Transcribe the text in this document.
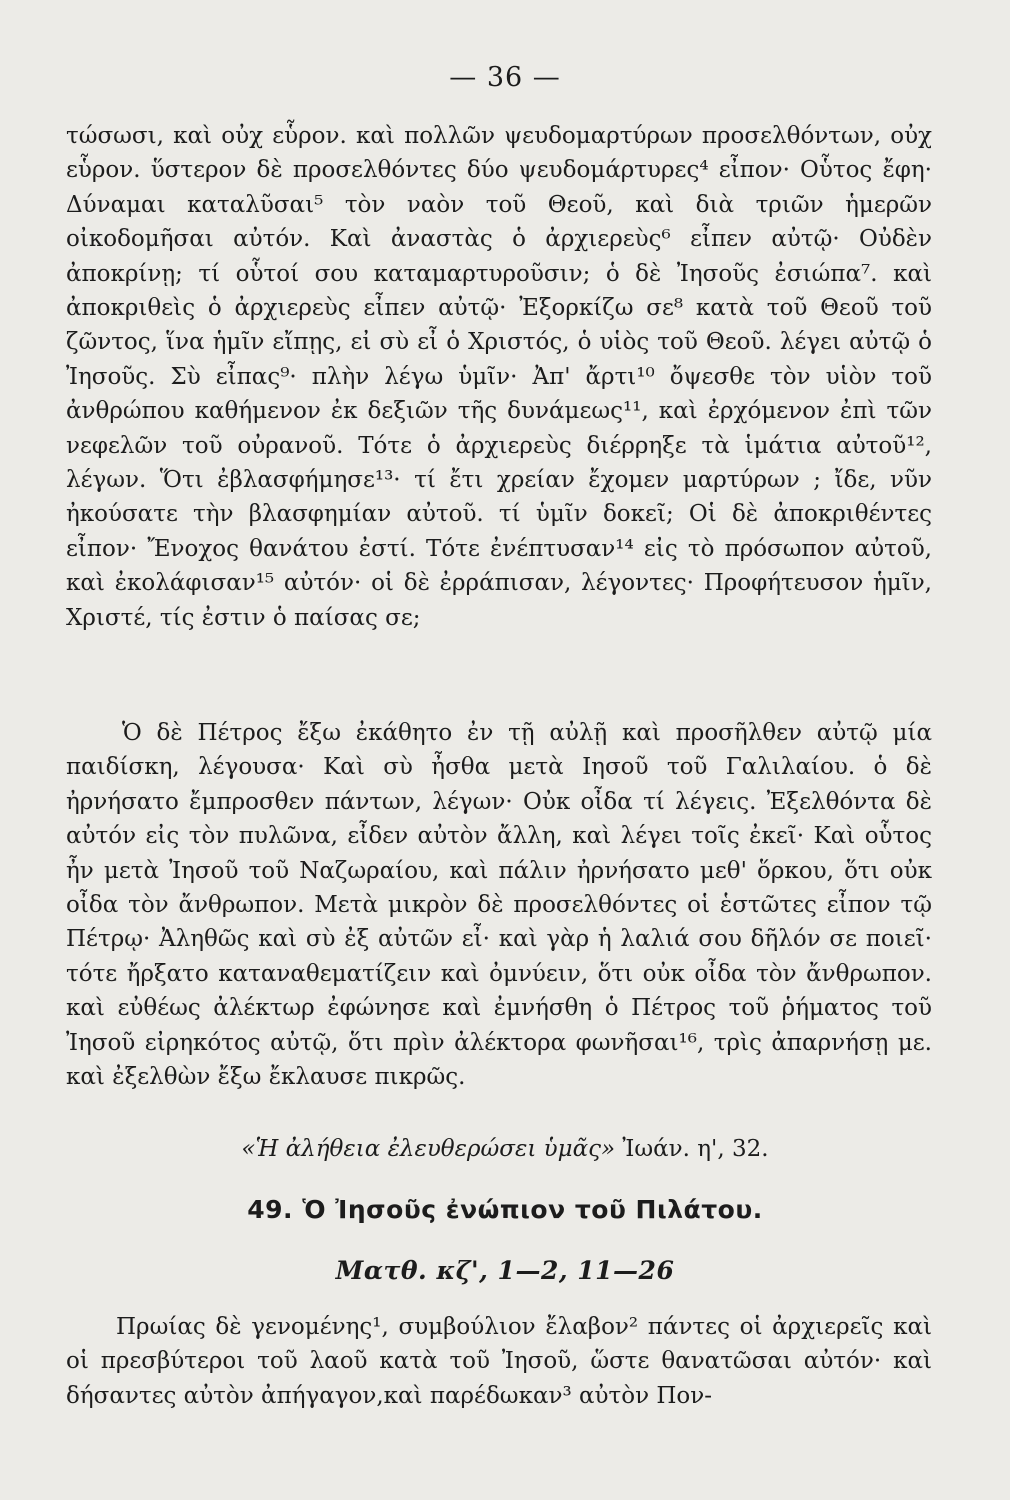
— 36 —

τώσωσι, καὶ οὐχ εὗρον. καὶ πολλῶν ψευδομαρτύρων προσελθόντων, οὐχ εὗρον. ὕστερον δὲ προσελθόντες δύο ψευδομάρτυρες⁴ εἶπον· Οὗτος ἔφη· Δύναμαι καταλῦσαι⁵ τὸν ναὸν τοῦ Θεοῦ, καὶ διὰ τριῶν ἡμερῶν οἰκοδομῆσαι αὐτόν. Καὶ ἀναστὰς ὁ ἀρχιερεὺς⁶ εἶπεν αὐτῷ· Οὐδὲν ἀποκρίνῃ; τί οὗτοί σου καταμαρτυροῦσιν; ὁ δὲ Ἰησοῦς ἐσιώπα⁷. καὶ ἀποκριθεὶς ὁ ἀρχιερεὺς εἶπεν αὐτῷ· Ἐξορκίζω σε⁸ κατὰ τοῦ Θεοῦ τοῦ ζῶντος, ἵνα ἡμῖν εἴπῃς, εἰ σὺ εἶ ὁ Χριστός, ὁ υἱὸς τοῦ Θεοῦ. λέγει αὐτῷ ὁ Ἰησοῦς. Σὺ εἶπας⁹· πλὴν λέγω ὑμῖν· Ἀπ' ἄρτι¹⁰ ὄψεσθε τὸν υἱὸν τοῦ ἀνθρώπου καθήμενον ἐκ δεξιῶν τῆς δυνάμεως¹¹, καὶ ἐρχόμενον ἐπὶ τῶν νεφελῶν τοῦ οὐρανοῦ. Τότε ὁ ἀρχιερεὺς διέρρηξε τὰ ἱμάτια αὐτοῦ¹², λέγων. Ὅτι ἐβλασφήμησε¹³· τί ἔτι χρείαν ἔχομεν μαρτύρων ; ἴδε, νῦν ἠκούσατε τὴν βλασφημίαν αὐτοῦ. τί ὑμῖν δοκεῖ; Οἱ δὲ ἀποκριθέντες εἶπον· Ἔνοχος θανάτου ἐστί. Τότε ἐνέπτυσαν¹⁴ εἰς τὸ πρόσωπον αὐτοῦ, καὶ ἐκολάφισαν¹⁵ αὐτόν· οἱ δὲ ἐρράπισαν, λέγοντες· Προφήτευσον ἡμῖν, Χριστέ, τίς ἐστιν ὁ παίσας σε;

Ὁ δὲ Πέτρος ἔξω ἐκάθητο ἐν τῇ αὐλῇ καὶ προσῆλθεν αὐτῷ μία παιδίσκη, λέγουσα· Καὶ σὺ ἦσθα μετὰ Ιησοῦ τοῦ Γαλιλαίου. ὁ δὲ ἠρνήσατο ἔμπροσθεν πάντων, λέγων· Οὐκ οἶδα τί λέγεις. Ἐξελθόντα δὲ αὐτόν εἰς τὸν πυλῶνα, εἶδεν αὐτὸν ἄλλη, καὶ λέγει τοῖς ἐκεῖ· Καὶ οὗτος ἦν μετὰ Ἰησοῦ τοῦ Ναζωραίου, καὶ πάλιν ἠρνήσατο μεθ' ὅρκου, ὅτι οὐκ οἶδα τὸν ἄνθρωπον. Μετὰ μικρὸν δὲ προσελθόντες οἱ ἑστῶτες εἶπον τῷ Πέτρῳ· Ἀληθῶς καὶ σὺ ἐξ αὐτῶν εἶ· καὶ γὰρ ἡ λαλιά σου δῆλόν σε ποιεῖ· τότε ἤρξατο καταναθεματίζειν καὶ ὀμνύειν, ὅτι οὐκ οἶδα τὸν ἄνθρωπον. καὶ εὐθέως ἀλέκτωρ ἐφώνησε καὶ ἐμνήσθη ὁ Πέτρος τοῦ ῥήματος τοῦ Ἰησοῦ εἰρηκότος αὐτῷ, ὅτι πρὶν ἀλέκτορα φωνῆσαι¹⁶, τρὶς ἀπαρνήσῃ με. καὶ ἐξελθὼν ἔξω ἔκλαυσε πικρῶς.

«Ἡ ἀλήθεια ἐλευθερώσει ὑμᾶς» Ἰωάν. η', 32.
49. Ὁ Ἰησοῦς ἐνώπιον τοῦ Πιλάτου.
Ματθ. κζ', 1—2, 11—26

Πρωίας δὲ γενομένης¹, συμβούλιον ἔλαβον² πάντες οἱ ἀρχιερεῖς καὶ οἱ πρεσβύτεροι τοῦ λαοῦ κατὰ τοῦ Ἰησοῦ, ὥστε θανατῶσαι αὐτόν· καὶ δήσαντες αὐτὸν ἀπήγαγον,καὶ παρέδωκαν³ αὐτὸν Πον-
